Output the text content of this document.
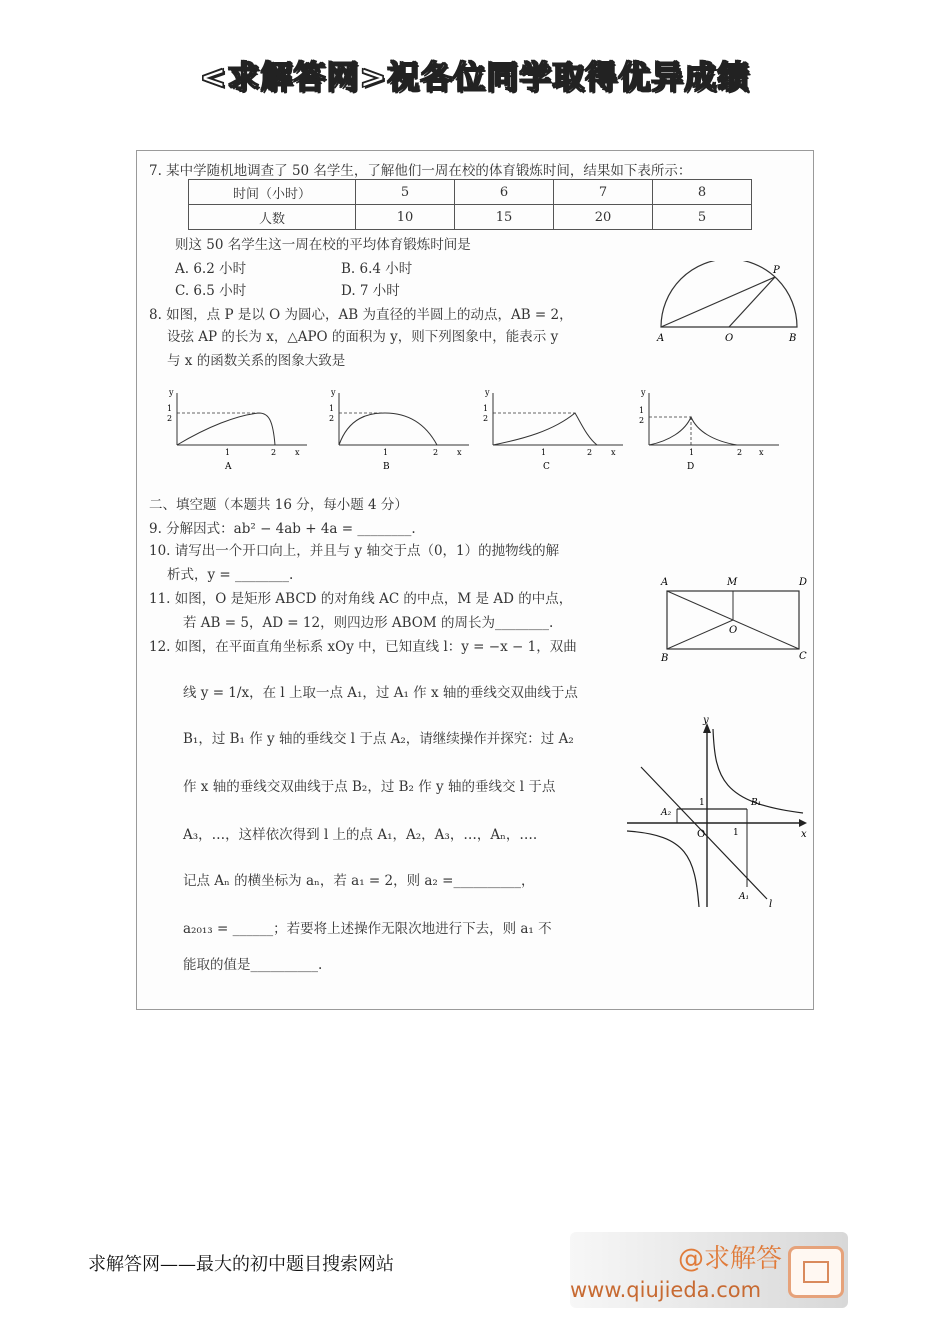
<求解答网>祝各位同学取得优异成绩
7. 某中学随机地调查了 50 名学生，了解他们一周在校的体育锻炼时间，结果如下表所示：
时间（小时）	5	6	7	8
人数	10	15	20	5
则这 50 名学生这一周在校的平均体育锻炼时间是
A. 6.2 小时	B. 6.4 小时
C. 6.5 小时	D. 7 小时
8. 如图，点 P 是以 O 为圆心，AB 为直径的半圆上的动点，AB = 2，
设弦 AP 的长为 x，△APO 的面积为 y，则下列图象中，能表示 y
与 x 的函数关系的图象大致是
A	O	B
P
y
1
2
1	2 x
A
y
1
2
1	2 x
B
y
1
2
1	2 x
C
y
1
2
1	2 x
D
二、填空题（本题共 16 分，每小题 4 分）
9. 分解因式：ab² − 4ab + 4a = ________.
10. 请写出一个开口向上，并且与 y 轴交于点（0，1）的抛物线的解
析式，y = ________.
11. 如图，O 是矩形 ABCD 的对角线 AC 的中点，M 是 AD 的中点，
若 AB = 5，AD = 12，则四边形 ABOM 的周长为________.
A	M	D
O
B	C
12. 如图，在平面直角坐标系 xOy 中，已知直线 l：y = −x − 1，双曲
线 y = 1/x，在 l 上取一点 A₁，过 A₁ 作 x 轴的垂线交双曲线于点
B₁，过 B₁ 作 y 轴的垂线交 l 于点 A₂，请继续操作并探究：过 A₂
作 x 轴的垂线交双曲线于点 B₂，过 B₂ 作 y 轴的垂线交 l 于点
A₃，…，这样依次得到 l 上的点 A₁，A₂，A₃，…，Aₙ，….
记点 Aₙ 的横坐标为 aₙ，若 a₁ = 2，则 a₂ =__________，
a₂₀₁₃ = ______；若要将上述操作无限次地进行下去，则 a₁ 不
能取的值是__________.
y
x
O
1
1
A₂
B₁
A₁
l
求解答网——最大的初中题目搜索网站	@求解答
www.qiujieda.com
